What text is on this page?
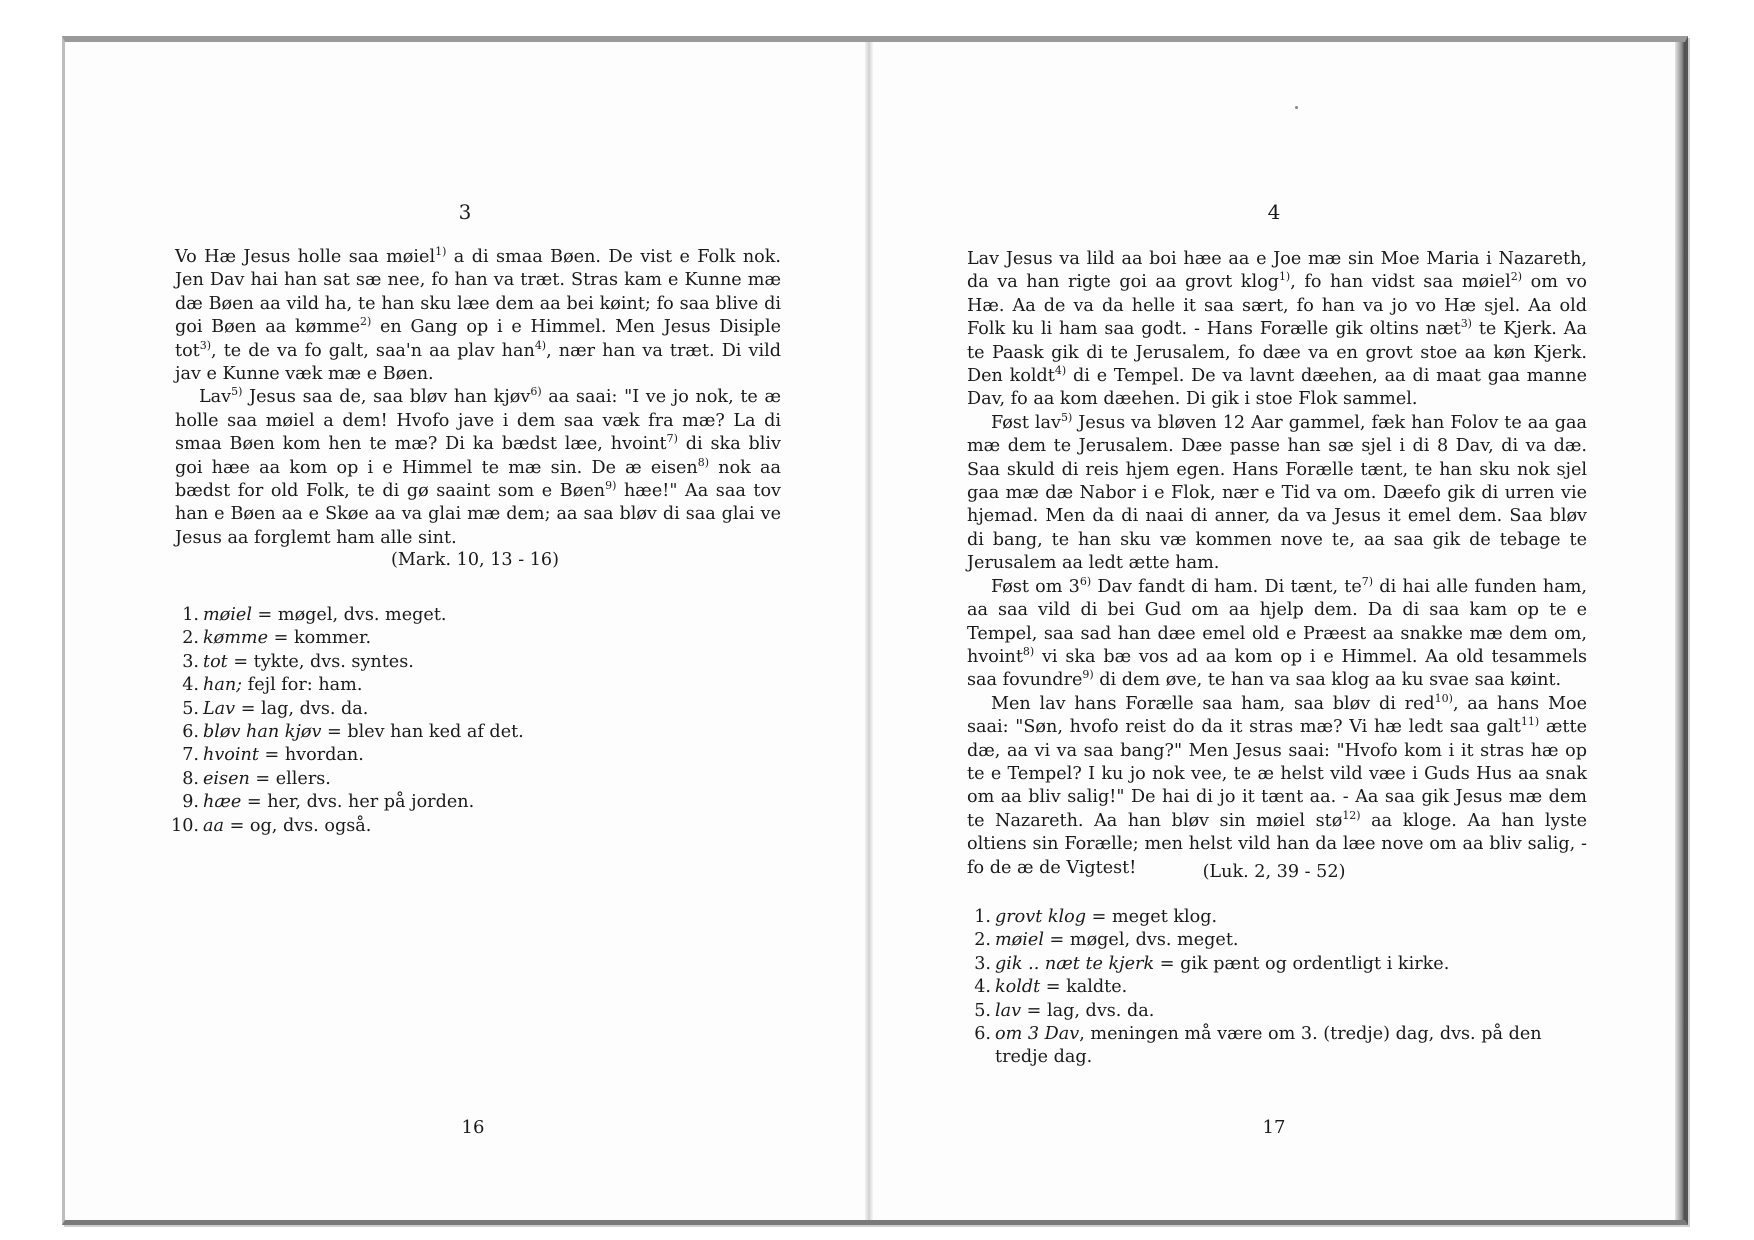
3

Vo Hæ Jesus holle saa møiel$^{1)}$ a di smaa Bøen. De vist e Folk nok. Jen Dav hai han sat sæ nee, fo han va træt. Stras kam e Kunne mæ dæ Bøen aa vild ha, te han sku læe dem aa bei køint; fo saa blive di goi Bøen aa kømme$^{2)}$ en Gang op i e Himmel. Men Jesus Disiple tot$^{3)}$, te de va fo galt, saa'n aa plav han$^{4)}$, nær han va træt. Di vild jav e Kunne væk mæ e Bøen.

Lav$^{5)}$ Jesus saa de, saa bløv han kjøv$^{6)}$ aa saai: "I ve jo nok, te æ holle saa møiel a dem! Hvofo jave i dem saa væk fra mæ? La di smaa Bøen kom hen te mæ? Di ka bædst læe, hvoint$^{7)}$ di ska bliv goi hæe aa kom op i e Himmel te mæ sin. De æ eisen$^{8)}$ nok aa bædst for old Folk, te di gø saaint som e Bøen$^{9)}$ hæe!" Aa saa tov han e Bøen aa e Skøe aa va glai mæ dem; aa saa bløv di saa glai ve Jesus aa forglemt ham alle sint.

(Mark. 10, 13 - 16)
1. møiel = møgel, dvs. meget.
2. kømme = kommer.
3. tot = tykte, dvs. syntes.
4. han; fejl for: ham.
5. Lav = lag, dvs. da.
6. bløv han kjøv = blev han ked af det.
7. hvoint = hvordan.
8. eisen = ellers.
9. hæe = her, dvs. her på jorden.
10. aa = og, dvs. også.
16
4

Lav Jesus va lild aa boi hæe aa e Joe mæ sin Moe Maria i Nazareth, da va han rigte goi aa grovt klog$^{1)}$, fo han vidst saa møiel$^{2)}$ om vo Hæ. Aa de va da helle it saa sært, fo han va jo vo Hæ sjel. Aa old Folk ku li ham saa godt. - Hans Forælle gik oltins næt$^{3)}$ te Kjerk. Aa te Paask gik di te Jerusalem, fo dæe va en grovt stoe aa køn Kjerk. Den koldt$^{4)}$ di e Tempel. De va lavnt dæehen, aa di maat gaa manne Dav, fo aa kom dæehen. Di gik i stoe Flok sammel.

Føst lav$^{5)}$ Jesus va bløven 12 Aar gammel, fæk han Folov te aa gaa mæ dem te Jerusalem. Dæe passe han sæ sjel i di 8 Dav, di va dæ. Saa skuld di reis hjem egen. Hans Forælle tænt, te han sku nok sjel gaa mæ dæ Nabor i e Flok, nær e Tid va om. Dæefo gik di urren vie hjemad. Men da di naai di anner, da va Jesus it emel dem. Saa bløv di bang, te han sku væ kommen nove te, aa saa gik de tebage te Jerusalem aa ledt ætte ham.

Føst om 3$^{6)}$ Dav fandt di ham. Di tænt, $te^{7)}$ di hai alle funden ham, aa saa vild di bei Gud om aa hjelp dem. Da di saa kam op te e Tempel, saa sad han dæe emel old e Præest aa snakke mæ dem om, hvoint$^{8)}$ vi ska bæ vos ad aa kom op i e Himmel. Aa old tesammels saa fovundre$^{9)}$ di dem øve, te han va saa klog aa ku svae saa køint.

Men lav hans Forælle saa ham, saa bløv di red$^{10)}$, aa hans Moe saai: "Søn, hvofo reist do da it stras mæ? Vi hæ ledt saa galt$^{11)}$ ætte dæ, aa vi va saa bang?" Men Jesus saai: "Hvofo kom i it stras hæ op te e Tempel? I ku jo nok vee, te æ helst vild væe i Guds Hus aa snak om aa bliv salig!" De hai di jo it tænt aa. - Aa saa gik Jesus mæ dem te Nazareth. Aa han bløv sin møiel stø$^{12)}$ aa kloge. Aa han lyste oltiens sin Forælle; men helst vild han da læe nove om aa bliv salig, - fo de æ de Vigtest!	(Luk. 2, 39 - 52)
1. grovt klog = meget klog.
2. møiel = møgel, dvs. meget.
3. gik .. næt te kjerk = gik pænt og ordentligt i kirke.
4. koldt = kaldte.
5. lav = lag, dvs. da.
6. om 3 Dav, meningen må være om 3. (tredje) dag, dvs. på den tredje dag.
17
